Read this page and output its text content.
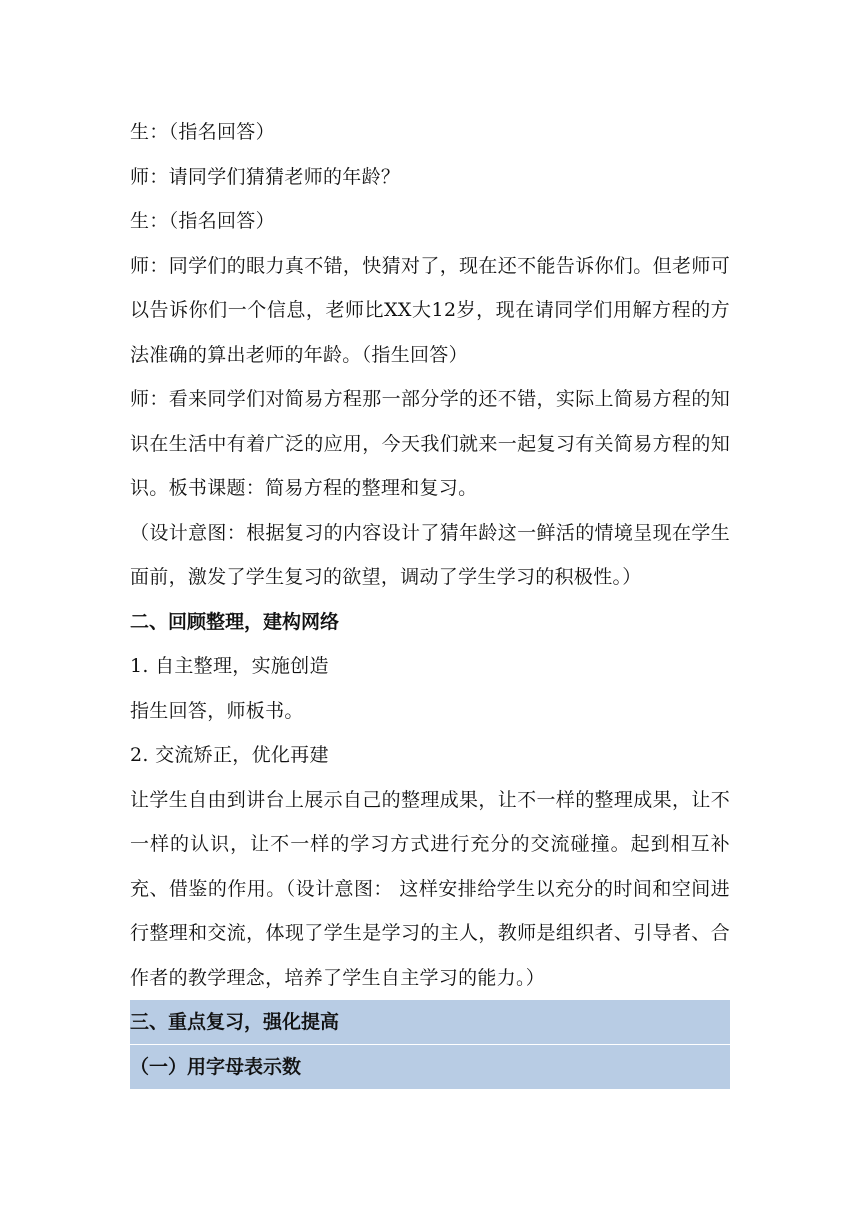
生：（指名回答）
师：请同学们猜猜老师的年龄？
生：（指名回答）
师：同学们的眼力真不错，快猜对了，现在还不能告诉你们。但老师可以告诉你们一个信息，老师比XX大12岁，现在请同学们用解方程的方法准确的算出老师的年龄。（指生回答）
师：看来同学们对简易方程那一部分学的还不错，实际上简易方程的知识在生活中有着广泛的应用，今天我们就来一起复习有关简易方程的知识。板书课题：简易方程的整理和复习。
（设计意图：根据复习的内容设计了猜年龄这一鲜活的情境呈现在学生面前，激发了学生复习的欲望，调动了学生学习的积极性。）
二、回顾整理，建构网络
1. 自主整理，实施创造
指生回答，师板书。
2. 交流矫正，优化再建
让学生自由到讲台上展示自己的整理成果，让不一样的整理成果，让不一样的认识，让不一样的学习方式进行充分的交流碰撞。起到相互补充、借鉴的作用。（设计意图： 这样安排给学生以充分的时间和空间进行整理和交流，体现了学生是学习的主人，教师是组织者、引导者、合作者的教学理念，培养了学生自主学习的能力。）
三、重点复习，强化提高
（一）用字母表示数
